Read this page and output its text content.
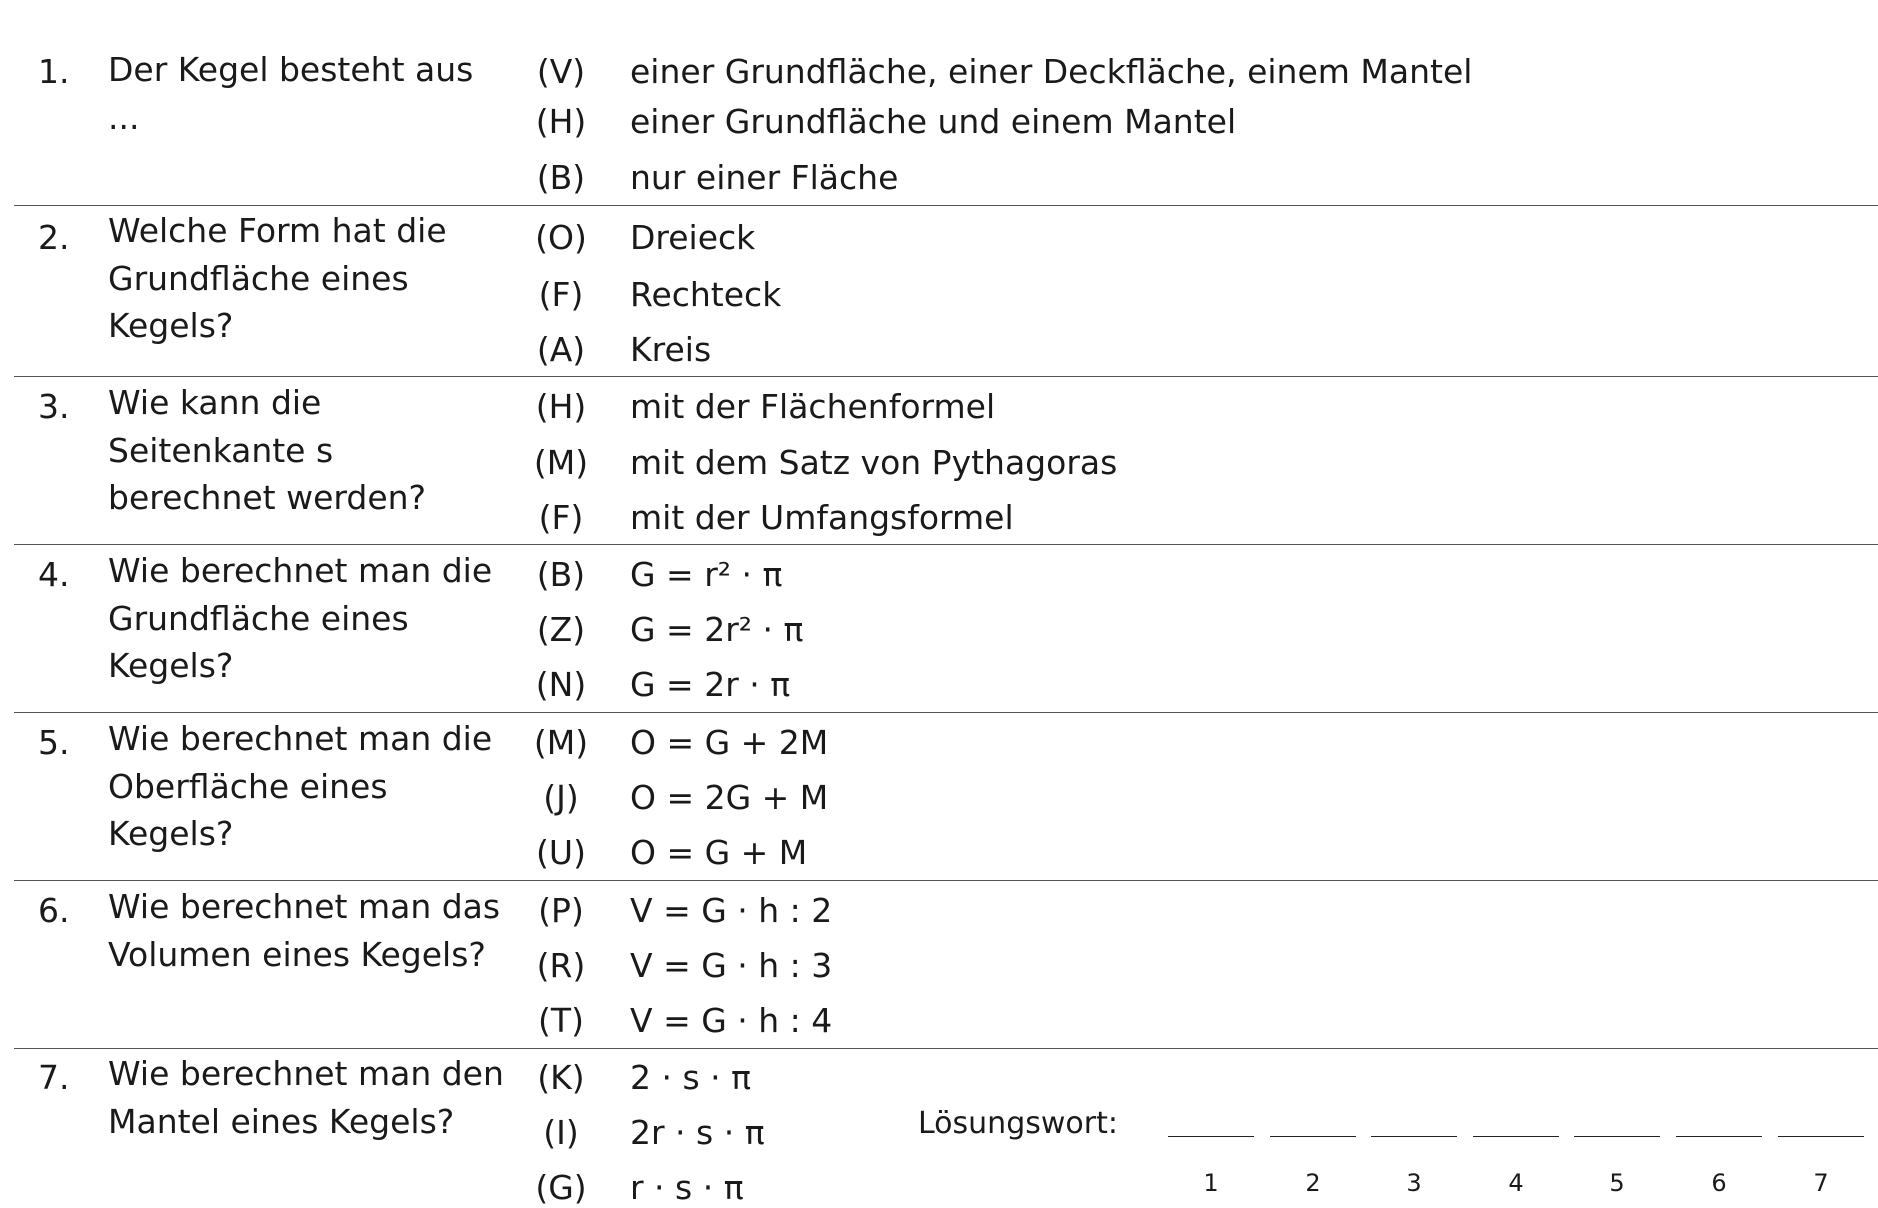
1. Der Kegel besteht aus ...
(V)	einer Grundfläche, einer Deckfläche, einem Mantel
(H)	einer Grundfläche und einem Mantel
(B)	nur einer Fläche
2. Welche Form hat die Grundfläche eines Kegels?
(O)	Dreieck
(F)	Rechteck
(A)	Kreis
3. Wie kann die Seitenkante s berechnet werden?
(H)	mit der Flächenformel
(M)	mit dem Satz von Pythagoras
(F)	mit der Umfangsformel
4. Wie berechnet man die Grundfläche eines Kegels?
(B)	G = r² · π
(Z)	G = 2r² · π
(N)	G = 2r · π
5. Wie berechnet man die Oberfläche eines Kegels?
(M)	O = G + 2M
(J)	O = 2G + M
(U)	O = G + M
6. Wie berechnet man das Volumen eines Kegels?
(P)	V = G · h : 2
(R)	V = G · h : 3
(T)	V = G · h : 4
7. Wie berechnet man den Mantel eines Kegels?
(K)	2 · s · π
(I)	2r · s · π
(G)	r · s · π
Lösungswort:
1	2	3	4	5	6	7
